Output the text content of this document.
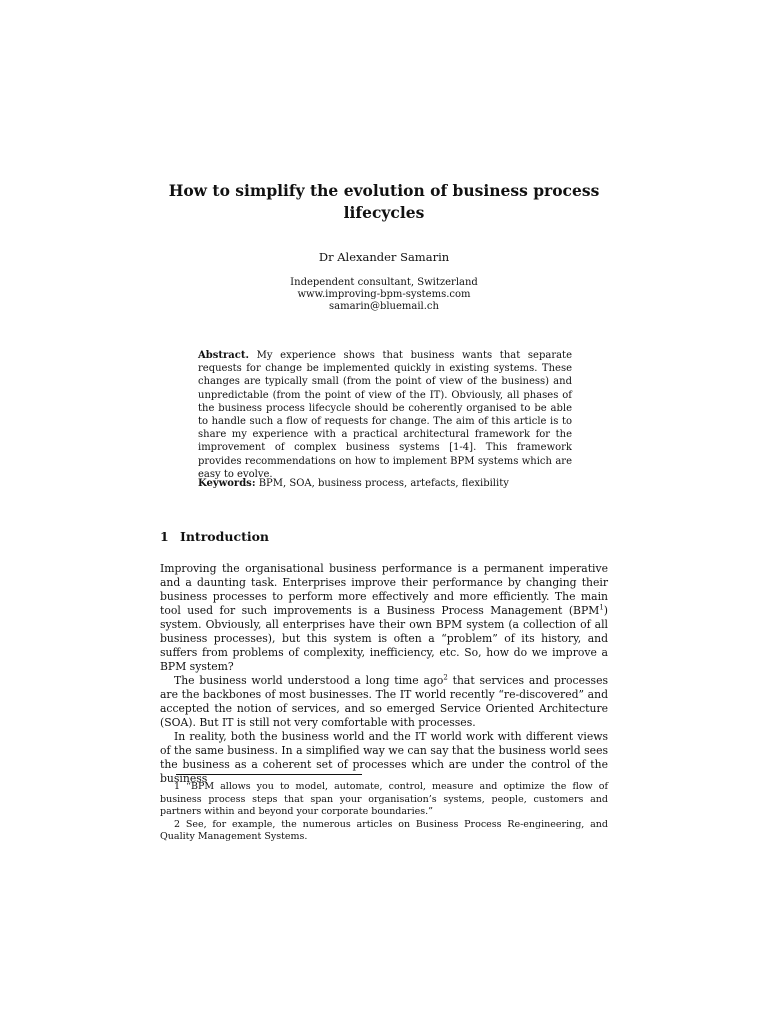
How to simplify the evolution of business process lifecycles

Dr Alexander Samarin

Independent consultant, Switzerland
www.improving-bpm-systems.com
samarin@bluemail.ch

Abstract. My experience shows that business wants that separate requests for change be implemented quickly in existing systems. These changes are typically small (from the point of view of the business) and unpredictable (from the point of view of the IT). Obviously, all phases of the business process lifecycle should be coherently organised to be able to handle such a flow of requests for change. The aim of this article is to share my experience with a practical architectural framework for the improvement of complex business systems [1-4]. This framework provides recommendations on how to implement BPM systems which are easy to evolve.

Keywords: BPM, SOA, business process, artefacts, flexibility

1 Introduction

Improving the organisational business performance is a permanent imperative and a daunting task. Enterprises improve their performance by changing their business processes to perform more effectively and more efficiently. The main tool used for such improvements is a Business Process Management (BPM$^1$) system. Obviously, all enterprises have their own BPM system (a collection of all business processes), but this system is often a “problem” of its history, and suffers from problems of complexity, inefficiency, etc. So, how do we improve a BPM system?

The business world understood a long time ago$^2$ that services and processes are the backbones of most businesses. The IT world recently “re-discovered” and accepted the notion of services, and so emerged Service Oriented Architecture (SOA). But IT is still not very comfortable with processes.

In reality, both the business world and the IT world work with different views of the same business. In a simplified way we can say that the business world sees the business as a coherent set of processes which are under the control of the business

1 “BPM allows you to model, automate, control, measure and optimize the flow of business process steps that span your organisation’s systems, people, customers and partners within and beyond your corporate boundaries.”

2 See, for example, the numerous articles on Business Process Re-engineering, and Quality Management Systems.
